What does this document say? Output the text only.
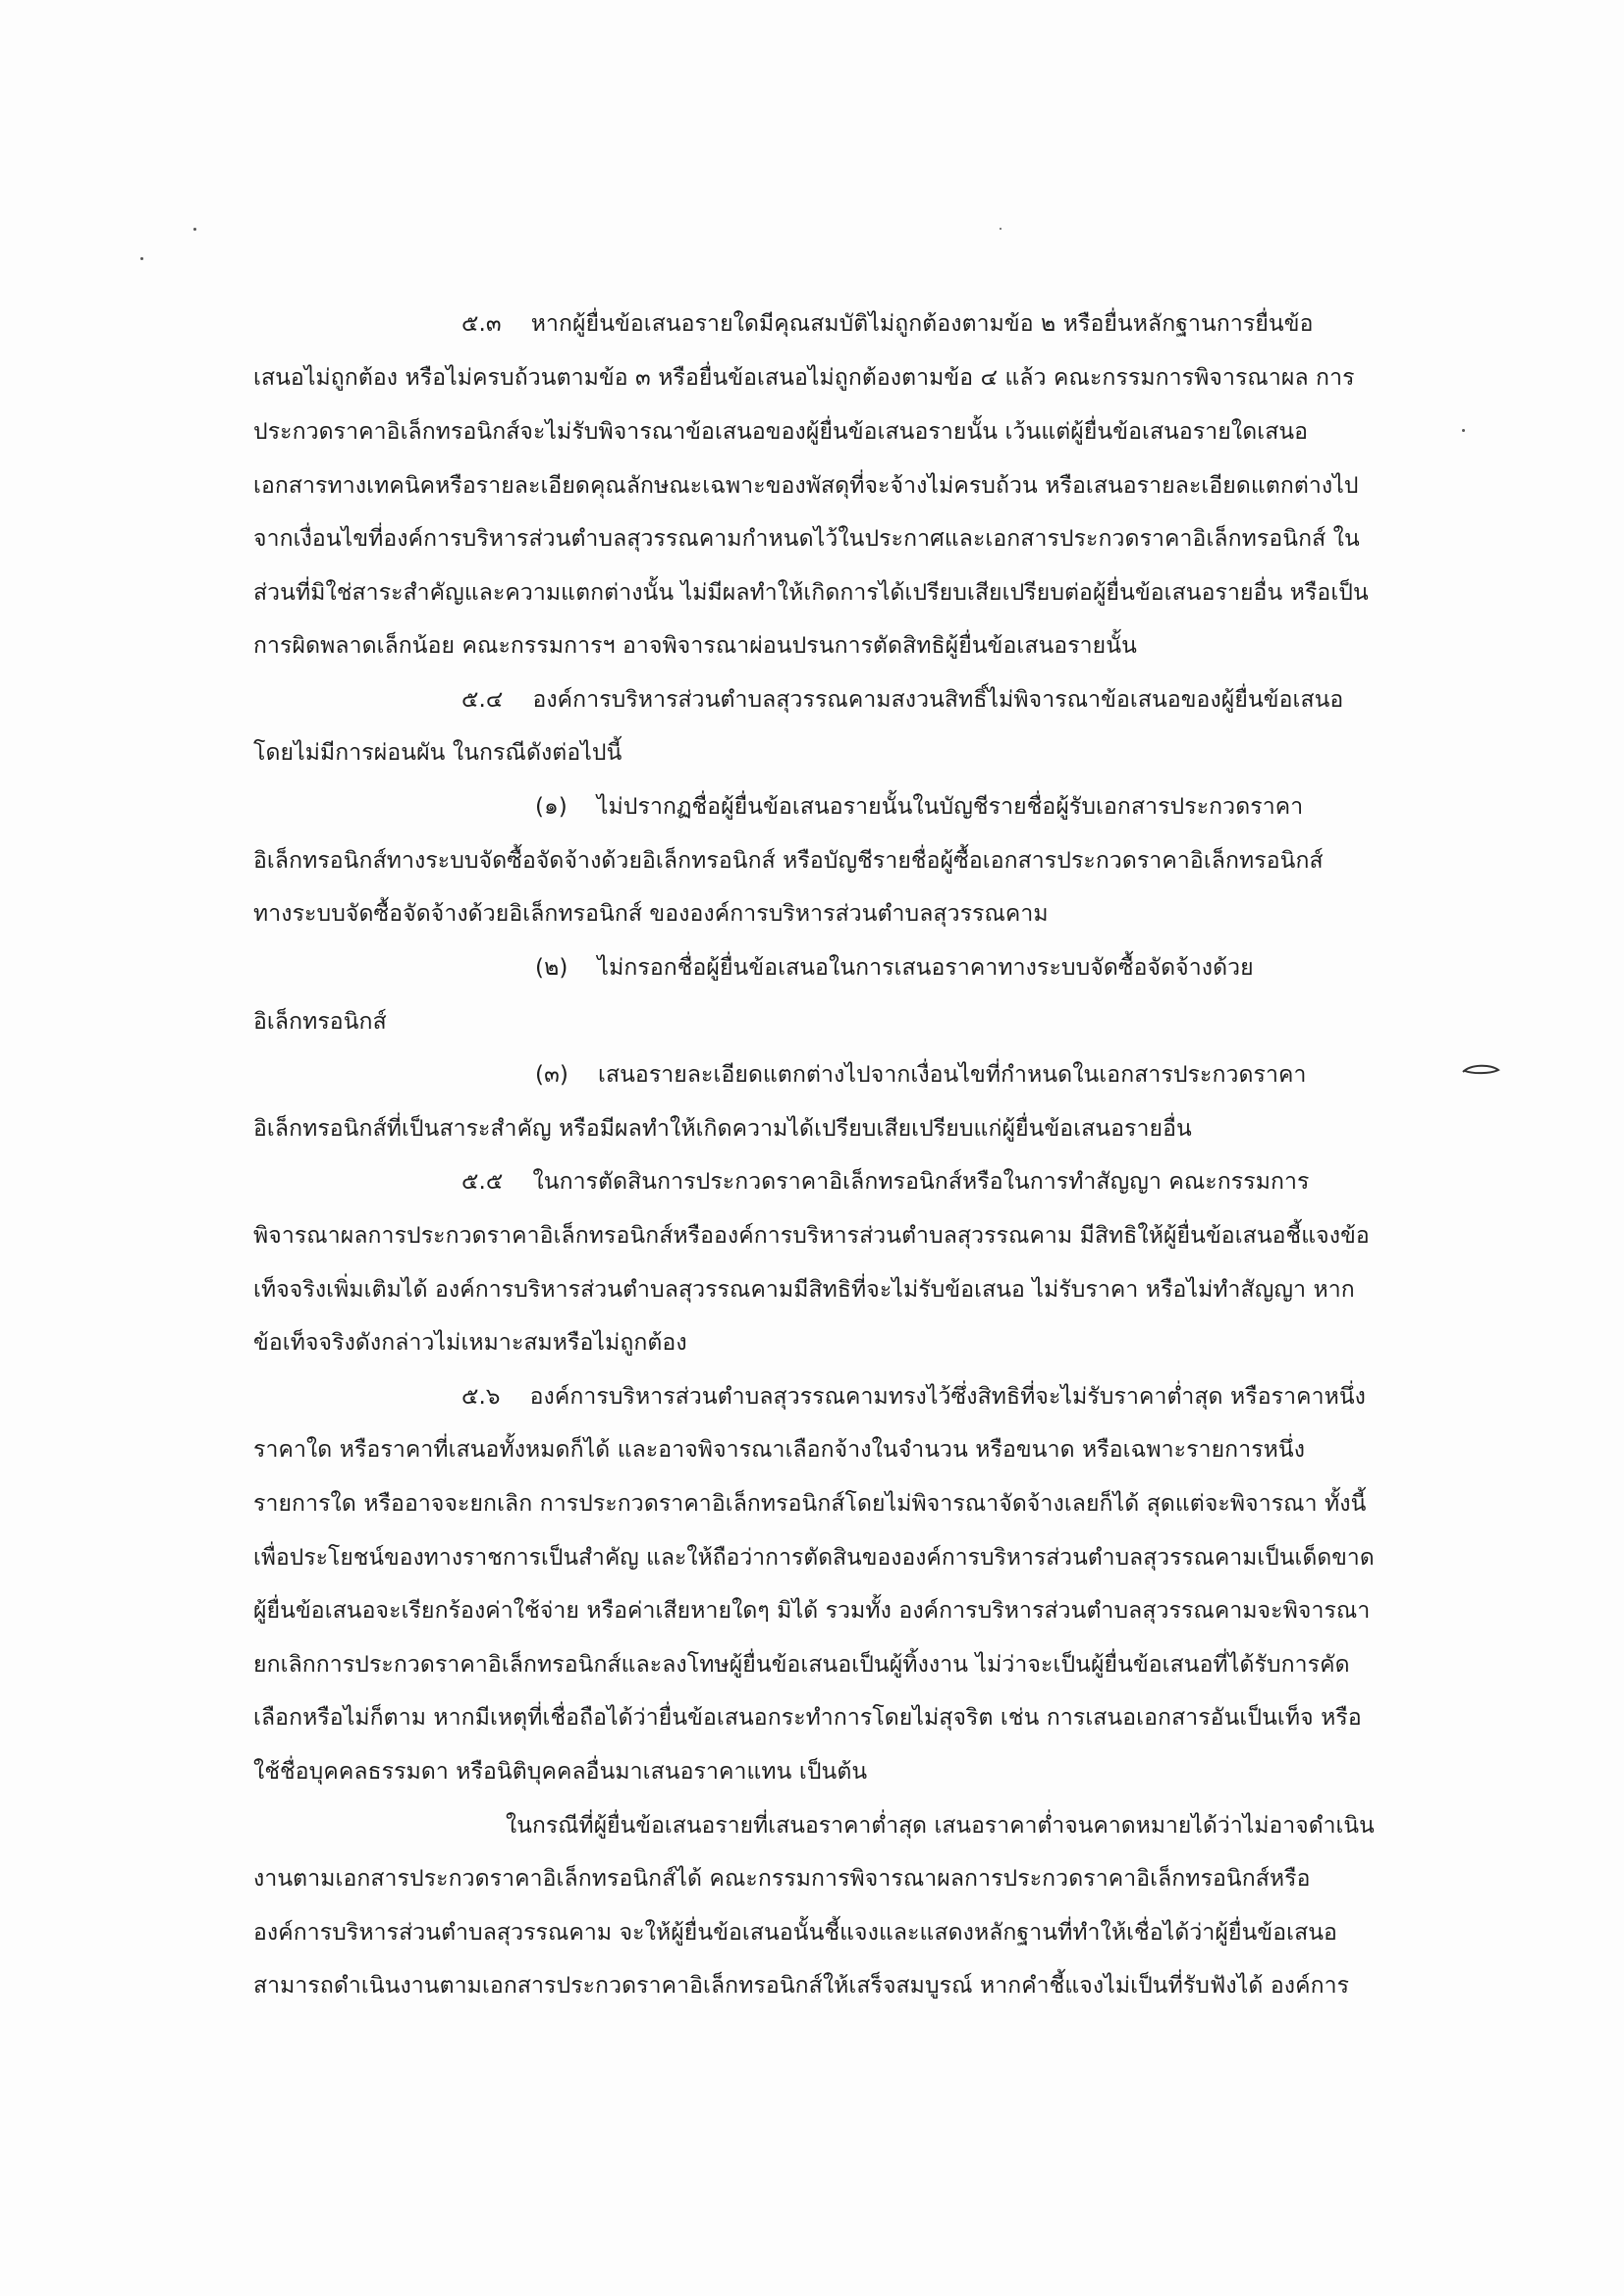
๕.๓ หากผู้ยื่นข้อเสนอรายใดมีคุณสมบัติไม่ถูกต้องตามข้อ ๒ หรือยื่นหลักฐานการยื่นข้อ
เสนอไม่ถูกต้อง หรือไม่ครบถ้วนตามข้อ ๓ หรือยื่นข้อเสนอไม่ถูกต้องตามข้อ ๔ แล้ว คณะกรรมการพิจารณาผล การ
ประกวดราคาอิเล็กทรอนิกส์จะไม่รับพิจารณาข้อเสนอของผู้ยื่นข้อเสนอรายนั้น เว้นแต่ผู้ยื่นข้อเสนอรายใดเสนอ
เอกสารทางเทคนิคหรือรายละเอียดคุณลักษณะเฉพาะของพัสดุที่จะจ้างไม่ครบถ้วน หรือเสนอรายละเอียดแตกต่างไป
จากเงื่อนไขที่องค์การบริหารส่วนตำบลสุวรรณคามกำหนดไว้ในประกาศและเอกสารประกวดราคาอิเล็กทรอนิกส์ ใน
ส่วนที่มิใช่สาระสำคัญและความแตกต่างนั้น ไม่มีผลทำให้เกิดการได้เปรียบเสียเปรียบต่อผู้ยื่นข้อเสนอรายอื่น หรือเป็น
การผิดพลาดเล็กน้อย คณะกรรมการฯ อาจพิจารณาผ่อนปรนการตัดสิทธิผู้ยื่นข้อเสนอรายนั้น
๕.๔ องค์การบริหารส่วนตำบลสุวรรณคามสงวนสิทธิ์ไม่พิจารณาข้อเสนอของผู้ยื่นข้อเสนอ
โดยไม่มีการผ่อนผัน ในกรณีดังต่อไปนี้
(๑) ไม่ปรากฏชื่อผู้ยื่นข้อเสนอรายนั้นในบัญชีรายชื่อผู้รับเอกสารประกวดราคา
อิเล็กทรอนิกส์ทางระบบจัดซื้อจัดจ้างด้วยอิเล็กทรอนิกส์ หรือบัญชีรายชื่อผู้ซื้อเอกสารประกวดราคาอิเล็กทรอนิกส์
ทางระบบจัดซื้อจัดจ้างด้วยอิเล็กทรอนิกส์ ขององค์การบริหารส่วนตำบลสุวรรณคาม
(๒) ไม่กรอกชื่อผู้ยื่นข้อเสนอในการเสนอราคาทางระบบจัดซื้อจัดจ้างด้วย
อิเล็กทรอนิกส์
(๓) เสนอรายละเอียดแตกต่างไปจากเงื่อนไขที่กำหนดในเอกสารประกวดราคา
อิเล็กทรอนิกส์ที่เป็นสาระสำคัญ หรือมีผลทำให้เกิดความได้เปรียบเสียเปรียบแก่ผู้ยื่นข้อเสนอรายอื่น
๕.๕ ในการตัดสินการประกวดราคาอิเล็กทรอนิกส์หรือในการทำสัญญา คณะกรรมการ
พิจารณาผลการประกวดราคาอิเล็กทรอนิกส์หรือองค์การบริหารส่วนตำบลสุวรรณคาม มีสิทธิให้ผู้ยื่นข้อเสนอชี้แจงข้อ
เท็จจริงเพิ่มเติมได้ องค์การบริหารส่วนตำบลสุวรรณคามมีสิทธิที่จะไม่รับข้อเสนอ ไม่รับราคา หรือไม่ทำสัญญา หาก
ข้อเท็จจริงดังกล่าวไม่เหมาะสมหรือไม่ถูกต้อง
๕.๖ องค์การบริหารส่วนตำบลสุวรรณคามทรงไว้ซึ่งสิทธิที่จะไม่รับราคาต่ำสุด หรือราคาหนึ่ง
ราคาใด หรือราคาที่เสนอทั้งหมดก็ได้ และอาจพิจารณาเลือกจ้างในจำนวน หรือขนาด หรือเฉพาะรายการหนึ่ง
รายการใด หรืออาจจะยกเลิก การประกวดราคาอิเล็กทรอนิกส์โดยไม่พิจารณาจัดจ้างเลยก็ได้ สุดแต่จะพิจารณา ทั้งนี้
เพื่อประโยชน์ของทางราชการเป็นสำคัญ และให้ถือว่าการตัดสินขององค์การบริหารส่วนตำบลสุวรรณคามเป็นเด็ดขาด
ผู้ยื่นข้อเสนอจะเรียกร้องค่าใช้จ่าย หรือค่าเสียหายใดๆ มิได้ รวมทั้ง องค์การบริหารส่วนตำบลสุวรรณคามจะพิจารณา
ยกเลิกการประกวดราคาอิเล็กทรอนิกส์และลงโทษผู้ยื่นข้อเสนอเป็นผู้ทิ้งงาน ไม่ว่าจะเป็นผู้ยื่นข้อเสนอที่ได้รับการคัด
เลือกหรือไม่ก็ตาม หากมีเหตุที่เชื่อถือได้ว่ายื่นข้อเสนอกระทำการโดยไม่สุจริต เช่น การเสนอเอกสารอันเป็นเท็จ หรือ
ใช้ชื่อบุคคลธรรมดา หรือนิติบุคคลอื่นมาเสนอราคาแทน เป็นต้น
ในกรณีที่ผู้ยื่นข้อเสนอรายที่เสนอราคาต่ำสุด เสนอราคาต่ำจนคาดหมายได้ว่าไม่อาจดำเนิน
งานตามเอกสารประกวดราคาอิเล็กทรอนิกส์ได้ คณะกรรมการพิจารณาผลการประกวดราคาอิเล็กทรอนิกส์หรือ
องค์การบริหารส่วนตำบลสุวรรณคาม จะให้ผู้ยื่นข้อเสนอนั้นชี้แจงและแสดงหลักฐานที่ทำให้เชื่อได้ว่าผู้ยื่นข้อเสนอ
สามารถดำเนินงานตามเอกสารประกวดราคาอิเล็กทรอนิกส์ให้เสร็จสมบูรณ์ หากคำชี้แจงไม่เป็นที่รับฟังได้ องค์การ
